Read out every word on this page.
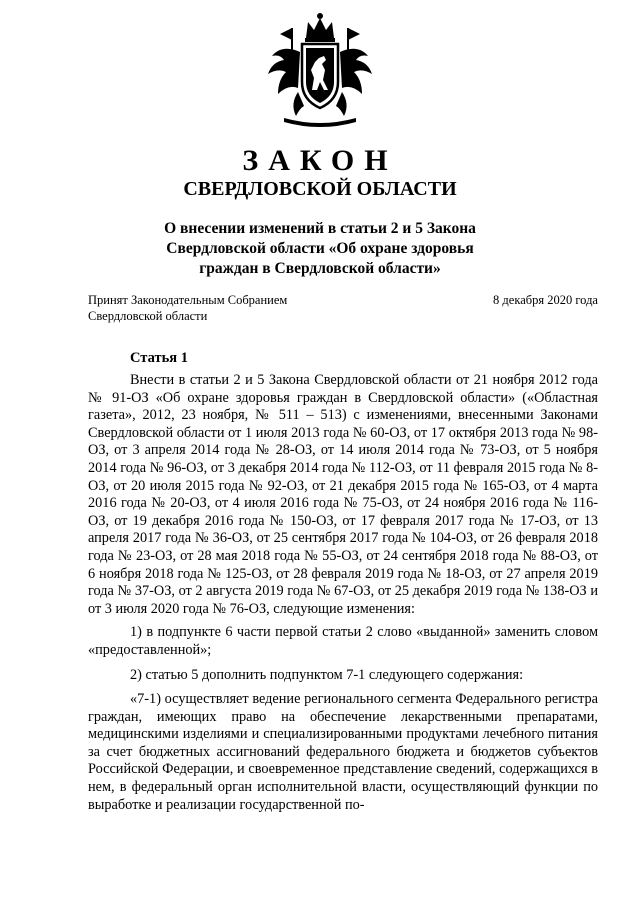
ЗАКОН
СВЕРДЛОВСКОЙ ОБЛАСТИ
О внесении изменений в статьи 2 и 5 Закона
Свердловской области «Об охране здоровья
граждан в Свердловской области»
Принят Законодательным Собранием
Свердловской области
8 декабря 2020 года
Статья 1

Внести в статьи 2 и 5 Закона Свердловской области от 21 ноября 2012 года № 91-ОЗ «Об охране здоровья граждан в Свердловской области» («Областная газета», 2012, 23 ноября, № 511 – 513) с изменениями, внесенными Законами Свердловской области от 1 июля 2013 года № 60-ОЗ, от 17 октября 2013 года № 98-ОЗ, от 3 апреля 2014 года № 28-ОЗ, от 14 июля 2014 года № 73-ОЗ, от 5 ноября 2014 года № 96-ОЗ, от 3 декабря 2014 года № 112-ОЗ, от 11 февраля 2015 года № 8-ОЗ, от 20 июля 2015 года № 92-ОЗ, от 21 декабря 2015 года № 165-ОЗ, от 4 марта 2016 года № 20-ОЗ, от 4 июля 2016 года № 75-ОЗ, от 24 ноября 2016 года № 116-ОЗ, от 19 декабря 2016 года № 150-ОЗ, от 17 февраля 2017 года № 17-ОЗ, от 13 апреля 2017 года № 36-ОЗ, от 25 сентября 2017 года № 104-ОЗ, от 26 февраля 2018 года № 23-ОЗ, от 28 мая 2018 года № 55-ОЗ, от 24 сентября 2018 года № 88-ОЗ, от 6 ноября 2018 года № 125-ОЗ, от 28 февраля 2019 года № 18-ОЗ, от 27 апреля 2019 года № 37-ОЗ, от 2 августа 2019 года № 67-ОЗ, от 25 декабря 2019 года № 138-ОЗ и от 3 июля 2020 года № 76-ОЗ, следующие изменения:

1) в подпункте 6 части первой статьи 2 слово «выданной» заменить словом «предоставленной»;

2) статью 5 дополнить подпунктом 7-1 следующего содержания:

«7-1) осуществляет ведение регионального сегмента Федерального регистра граждан, имеющих право на обеспечение лекарственными препаратами, медицинскими изделиями и специализированными продуктами лечебного питания за счет бюджетных ассигнований федерального бюджета и бюджетов субъектов Российской Федерации, и своевременное представление сведений, содержащихся в нем, в федеральный орган исполнительной власти, осуществляющий функции по выработке и реализации государственной по-
